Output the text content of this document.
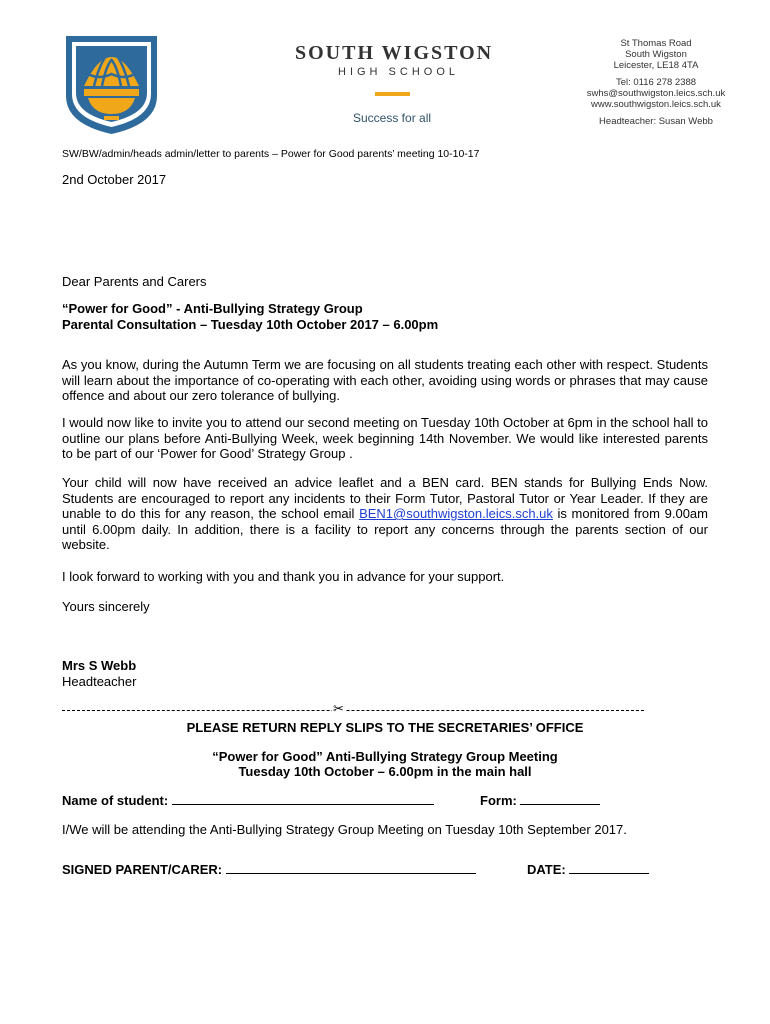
SOUTH WIGSTON
HIGH SCHOOL
Success for all
St Thomas Road
South Wigston
Leicester, LE18 4TA
Tel: 0116 278 2388
swhs@southwigston.leics.sch.uk
www.southwigston.leics.sch.uk
Headteacher: Susan Webb
SW/BW/admin/heads admin/letter to parents – Power for Good parents’ meeting 10-10-17
2nd October 2017
Dear Parents and Carers
“Power for Good” - Anti-Bullying Strategy Group
Parental Consultation – Tuesday 10th October 2017 – 6.00pm
As you know, during the Autumn Term we are focusing on all students treating each other with respect. Students will learn about the importance of co-operating with each other, avoiding using words or phrases that may cause offence and about our zero tolerance of bullying.
I would now like to invite you to attend our second meeting on Tuesday 10th October at 6pm in the school hall to outline our plans before Anti-Bullying Week, week beginning 14th November. We would like interested parents to be part of our ‘Power for Good’ Strategy Group .
Your child will now have received an advice leaflet and a BEN card. BEN stands for Bullying Ends Now. Students are encouraged to report any incidents to their Form Tutor, Pastoral Tutor or Year Leader. If they are unable to do this for any reason, the school email BEN1@southwigston.leics.sch.uk is monitored from 9.00am until 6.00pm daily. In addition, there is a facility to report any concerns through the parents section of our website.
I look forward to working with you and thank you in advance for your support.
Yours sincerely
Mrs S Webb
Headteacher
✂
PLEASE RETURN REPLY SLIPS TO THE SECRETARIES’ OFFICE
“Power for Good” Anti-Bullying Strategy Group Meeting
Tuesday 10th October – 6.00pm in the main hall
Name of student:	Form:
I/We will be attending the Anti-Bullying Strategy Group Meeting on Tuesday 10th September 2017.
SIGNED PARENT/CARER:	DATE:
